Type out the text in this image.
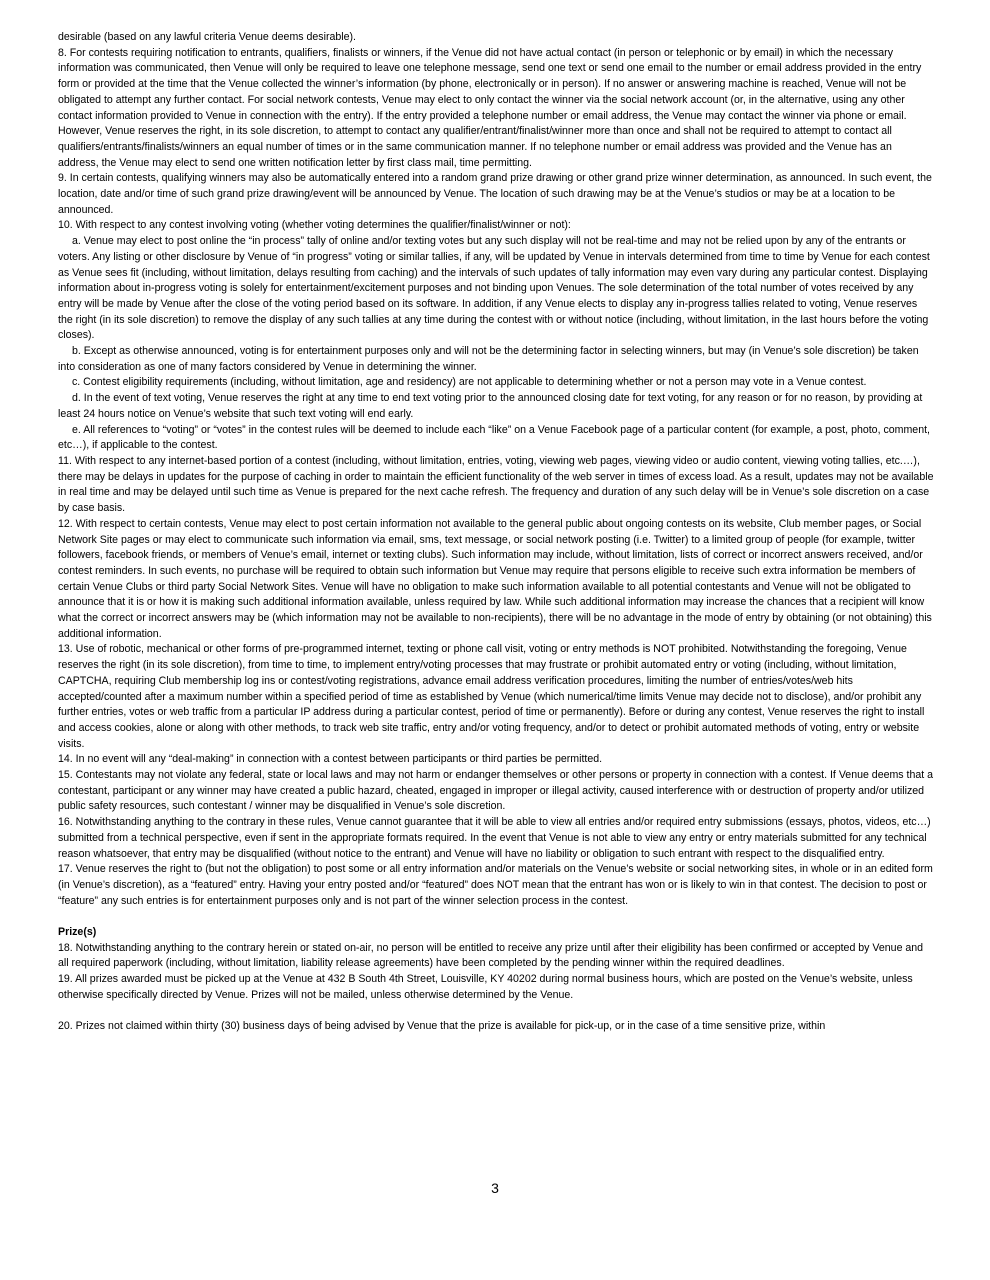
desirable (based on any lawful criteria Venue deems desirable).

8. For contests requiring notification to entrants, qualifiers, finalists or winners, if the Venue did not have actual contact (in person or telephonic or by email) in which the necessary information was communicated, then Venue will only be required to leave one telephone message, send one text or send one email to the number or email address provided in the entry form or provided at the time that the Venue collected the winner’s information (by phone, electronically or in person). If no answer or answering machine is reached, Venue will not be obligated to attempt any further contact. For social network contests, Venue may elect to only contact the winner via the social network account (or, in the alternative, using any other contact information provided to Venue in connection with the entry). If the entry provided a telephone number or email address, the Venue may contact the winner via phone or email. However, Venue reserves the right, in its sole discretion, to attempt to contact any qualifier/entrant/finalist/winner more than once and shall not be required to attempt to contact all qualifiers/entrants/finalists/winners an equal number of times or in the same communication manner. If no telephone number or email address was provided and the Venue has an address, the Venue may elect to send one written notification letter by first class mail, time permitting.

9. In certain contests, qualifying winners may also be automatically entered into a random grand prize drawing or other grand prize winner determination, as announced. In such event, the location, date and/or time of such grand prize drawing/event will be announced by Venue. The location of such drawing may be at the Venue’s studios or may be at a location to be announced.

10. With respect to any contest involving voting (whether voting determines the qualifier/finalist/winner or not):

a. Venue may elect to post online the “in process” tally of online and/or texting votes but any such display will not be real-time and may not be relied upon by any of the entrants or voters. Any listing or other disclosure by Venue of “in progress” voting or similar tallies, if any, will be updated by Venue in intervals determined from time to time by Venue for each contest as Venue sees fit (including, without limitation, delays resulting from caching) and the intervals of such updates of tally information may even vary during any particular contest. Displaying information about in-progress voting is solely for entertainment/excitement purposes and not binding upon Venues. The sole determination of the total number of votes received by any entry will be made by Venue after the close of the voting period based on its software. In addition, if any Venue elects to display any in-progress tallies related to voting, Venue reserves the right (in its sole discretion) to remove the display of any such tallies at any time during the contest with or without notice (including, without limitation, in the last hours before the voting closes).

b. Except as otherwise announced, voting is for entertainment purposes only and will not be the determining factor in selecting winners, but may (in Venue’s sole discretion) be taken into consideration as one of many factors considered by Venue in determining the winner.

c. Contest eligibility requirements (including, without limitation, age and residency) are not applicable to determining whether or not a person may vote in a Venue contest.

d. In the event of text voting, Venue reserves the right at any time to end text voting prior to the announced closing date for text voting, for any reason or for no reason, by providing at least 24 hours notice on Venue’s website that such text voting will end early.

e. All references to “voting” or “votes” in the contest rules will be deemed to include each “like” on a Venue Facebook page of a particular content (for example, a post, photo, comment, etc…), if applicable to the contest.

11. With respect to any internet-based portion of a contest (including, without limitation, entries, voting, viewing web pages, viewing video or audio content, viewing voting tallies, etc.…), there may be delays in updates for the purpose of caching in order to maintain the efficient functionality of the web server in times of excess load. As a result, updates may not be available in real time and may be delayed until such time as Venue is prepared for the next cache refresh. The frequency and duration of any such delay will be in Venue’s sole discretion on a case by case basis.

12. With respect to certain contests, Venue may elect to post certain information not available to the general public about ongoing contests on its website, Club member pages, or Social Network Site pages or may elect to communicate such information via email, sms, text message, or social network posting (i.e. Twitter) to a limited group of people (for example, twitter followers, facebook friends, or members of Venue’s email, internet or texting clubs). Such information may include, without limitation, lists of correct or incorrect answers received, and/or contest reminders. In such events, no purchase will be required to obtain such information but Venue may require that persons eligible to receive such extra information be members of certain Venue Clubs or third party Social Network Sites. Venue will have no obligation to make such information available to all potential contestants and Venue will not be obligated to announce that it is or how it is making such additional information available, unless required by law. While such additional information may increase the chances that a recipient will know what the correct or incorrect answers may be (which information may not be available to non-recipients), there will be no advantage in the mode of entry by obtaining (or not obtaining) this additional information.

13. Use of robotic, mechanical or other forms of pre-programmed internet, texting or phone call visit, voting or entry methods is NOT prohibited. Notwithstanding the foregoing, Venue reserves the right (in its sole discretion), from time to time, to implement entry/voting processes that may frustrate or prohibit automated entry or voting (including, without limitation, CAPTCHA, requiring Club membership log ins or contest/voting registrations, advance email address verification procedures, limiting the number of entries/votes/web hits accepted/counted after a maximum number within a specified period of time as established by Venue (which numerical/time limits Venue may decide not to disclose), and/or prohibit any further entries, votes or web traffic from a particular IP address during a particular contest, period of time or permanently). Before or during any contest, Venue reserves the right to install and access cookies, alone or along with other methods, to track web site traffic, entry and/or voting frequency, and/or to detect or prohibit automated methods of voting, entry or website visits.

14. In no event will any “deal-making” in connection with a contest between participants or third parties be permitted.

15. Contestants may not violate any federal, state or local laws and may not harm or endanger themselves or other persons or property in connection with a contest. If Venue deems that a contestant, participant or any winner may have created a public hazard, cheated, engaged in improper or illegal activity, caused interference with or destruction of property and/or utilized public safety resources, such contestant / winner may be disqualified in Venue’s sole discretion.

16. Notwithstanding anything to the contrary in these rules, Venue cannot guarantee that it will be able to view all entries and/or required entry submissions (essays, photos, videos, etc…) submitted from a technical perspective, even if sent in the appropriate formats required. In the event that Venue is not able to view any entry or entry materials submitted for any technical reason whatsoever, that entry may be disqualified (without notice to the entrant) and Venue will have no liability or obligation to such entrant with respect to the disqualified entry.

17. Venue reserves the right to (but not the obligation) to post some or all entry information and/or materials on the Venue’s website or social networking sites, in whole or in an edited form (in Venue’s discretion), as a “featured” entry. Having your entry posted and/or “featured” does NOT mean that the entrant has won or is likely to win in that contest. The decision to post or “feature” any such entries is for entertainment purposes only and is not part of the winner selection process in the contest.

Prize(s)

18. Notwithstanding anything to the contrary herein or stated on-air, no person will be entitled to receive any prize until after their eligibility has been confirmed or accepted by Venue and all required paperwork (including, without limitation, liability release agreements) have been completed by the pending winner within the required deadlines.

19. All prizes awarded must be picked up at the Venue at 432 B South 4th Street, Louisville, KY 40202 during normal business hours, which are posted on the Venue’s website, unless otherwise specifically directed by Venue. Prizes will not be mailed, unless otherwise determined by the Venue.

20. Prizes not claimed within thirty (30) business days of being advised by Venue that the prize is available for pick-up, or in the case of a time sensitive prize, within

3
